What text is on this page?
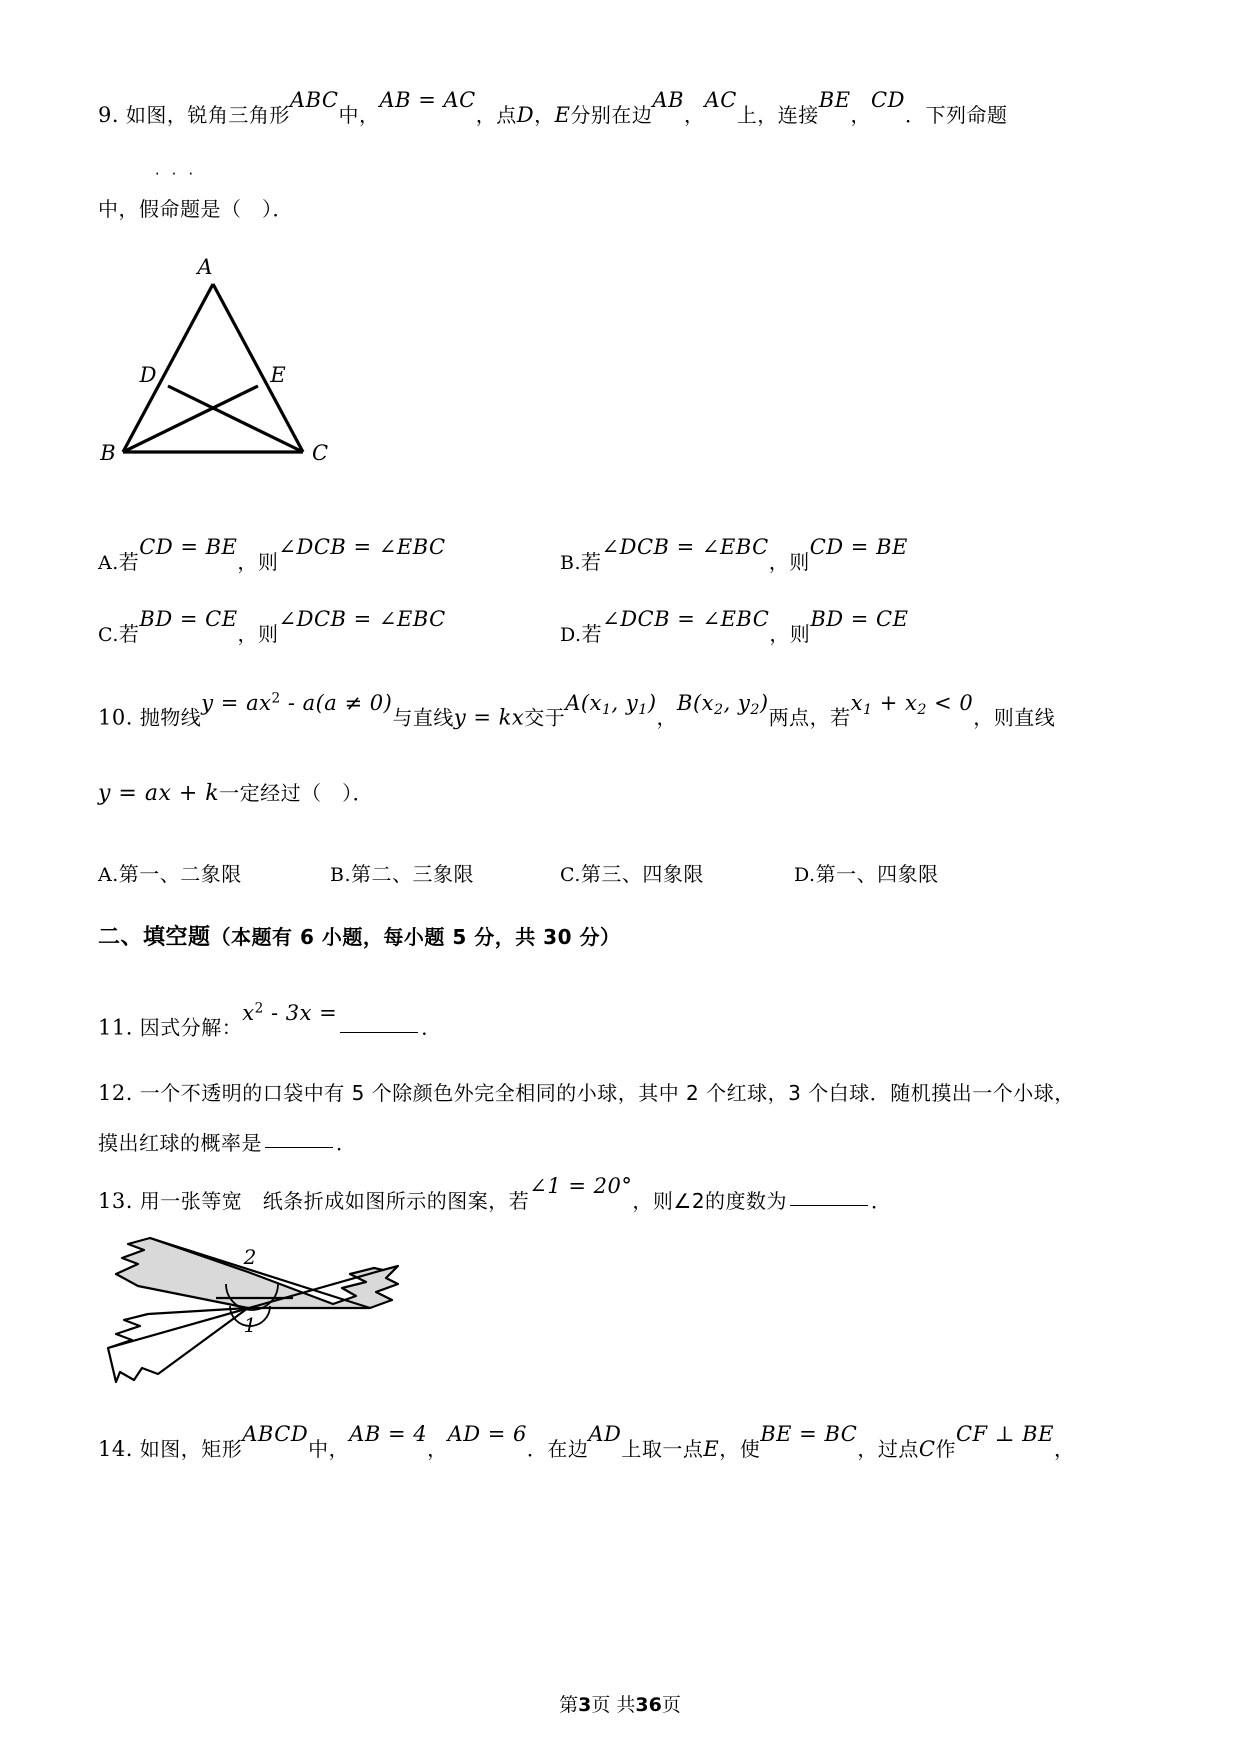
9. 如图，锐角三角形ABC中，AB = AC，点D，E分别在边AB，AC上，连接BE，CD．下列命题
中，
···
假命题是（　）．
A
D	E
B	C
A.若CD = BE，则∠DCB = ∠EBC
B.若∠DCB = ∠EBC，则CD = BE
C.若BD = CE，则∠DCB = ∠EBC
D.若∠DCB = ∠EBC，则BD = CE
10. 抛物线$y = ax^2 - a(a \ne 0)$与直线y = kx交于$A(x_1$, $y_1$)，$B(x_2$, $y_2$)两点，若$x_1 + x_2 < 0$，则直线
y = ax + k一定经过（　）．
A.第一、二象限	B.第二、三象限	C.第三、四象限	D.第一、四象限
二、填空题（本题有 6 小题，每小题 5 分，共 30 分）
11. 因式分解：$x^2 - 3x$ =．
12. 一个不透明的口袋中有 5 个除颜色外完全相同的小球，其中 2 个红球，3 个白球．随机摸出一个小球，
摸出红球的概率是	．
13. 用一张等宽　纸条折成如图所示的图案，若∠1 = 20°，则∠2的度数为	．
2
1
14. 如图，矩形ABCD中，AB = 4，AD = 6．在边AD上取一点E，使BE = BC，过点C作CF ⊥ BE，
第3页 共36页
